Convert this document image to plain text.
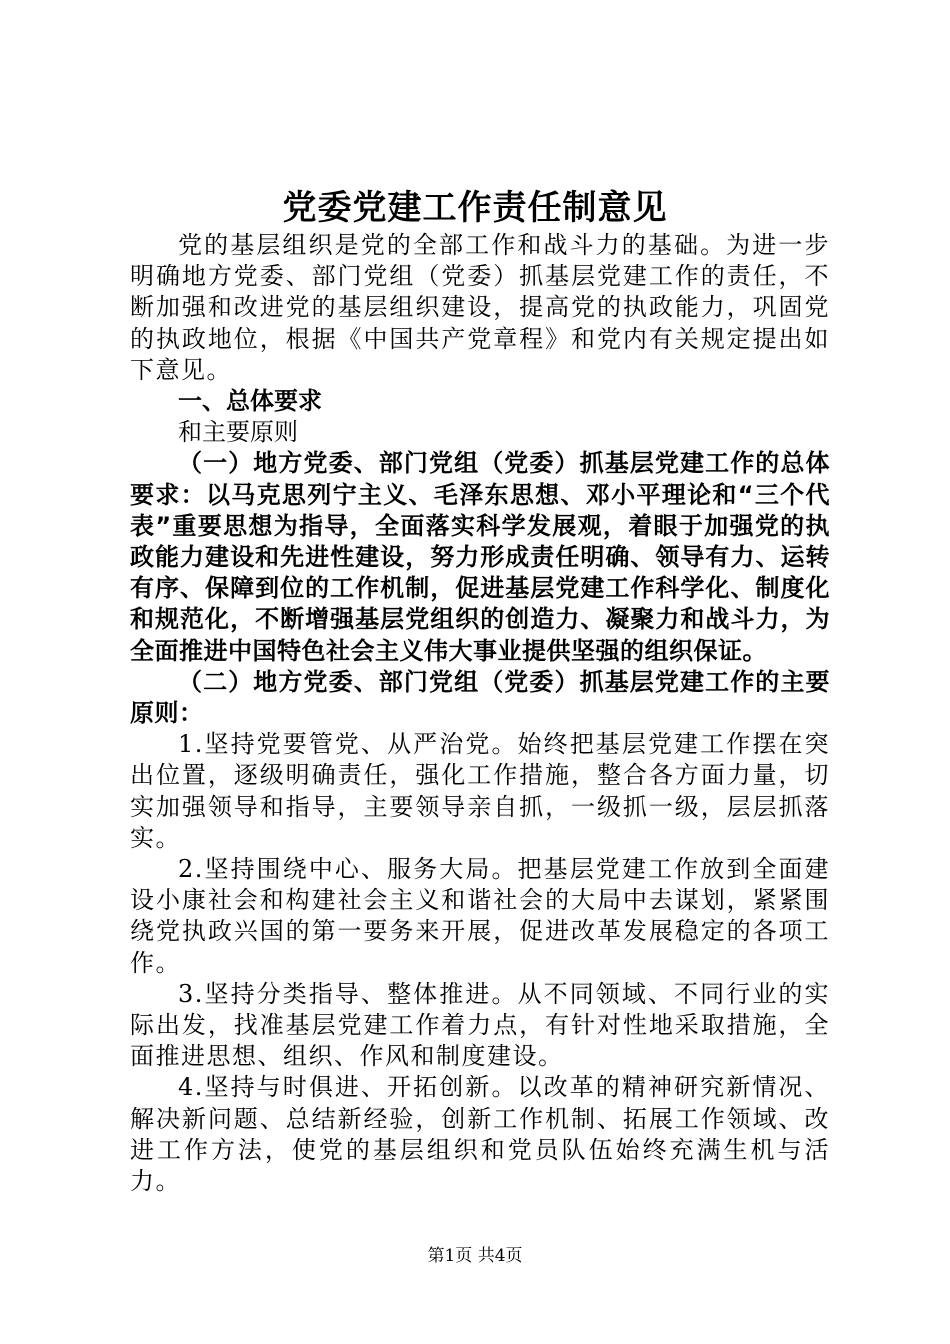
党委党建工作责任制意见

党的基层组织是党的全部工作和战斗力的基础。为进一步明确地方党委、部门党组（党委）抓基层党建工作的责任，不断加强和改进党的基层组织建设，提高党的执政能力，巩固党的执政地位，根据《中国共产党章程》和党内有关规定提出如下意见。

一、总体要求

和主要原则

（一）地方党委、部门党组（党委）抓基层党建工作的总体要求：以马克思列宁主义、毛泽东思想、邓小平理论和“三个代表”重要思想为指导，全面落实科学发展观，着眼于加强党的执政能力建设和先进性建设，努力形成责任明确、领导有力、运转有序、保障到位的工作机制，促进基层党建工作科学化、制度化和规范化，不断增强基层党组织的创造力、凝聚力和战斗力，为全面推进中国特色社会主义伟大事业提供坚强的组织保证。

（二）地方党委、部门党组（党委）抓基层党建工作的主要原则：

1.坚持党要管党、从严治党。始终把基层党建工作摆在突出位置，逐级明确责任，强化工作措施，整合各方面力量，切实加强领导和指导，主要领导亲自抓，一级抓一级，层层抓落实。

2.坚持围绕中心、服务大局。把基层党建工作放到全面建设小康社会和构建社会主义和谐社会的大局中去谋划，紧紧围绕党执政兴国的第一要务来开展，促进改革发展稳定的各项工作。

3.坚持分类指导、整体推进。从不同领域、不同行业的实际出发，找准基层党建工作着力点，有针对性地采取措施，全面推进思想、组织、作风和制度建设。

4.坚持与时俱进、开拓创新。以改革的精神研究新情况、解决新问题、总结新经验，创新工作机制、拓展工作领域、改进工作方法，使党的基层组织和党员队伍始终充满生机与活力。

第1页 共4页
